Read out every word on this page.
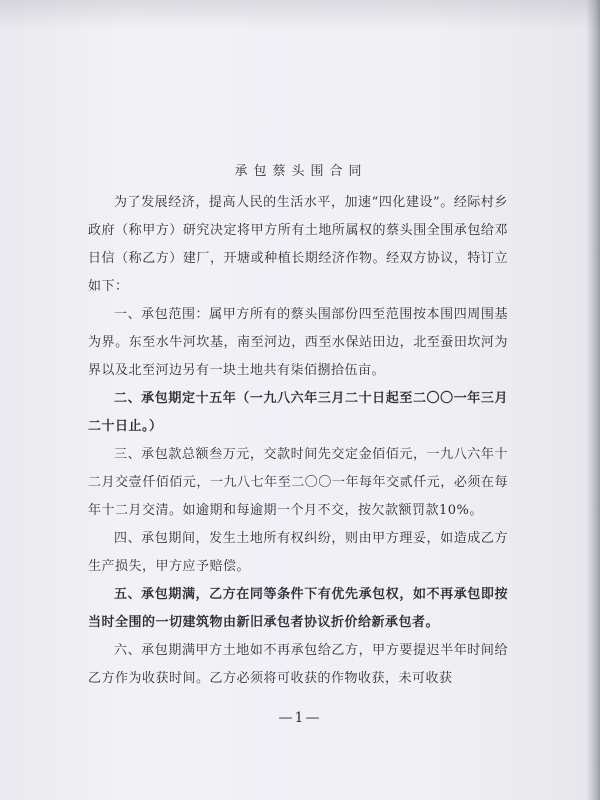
承包蔡头围合同

为了发展经济，提高人民的生活水平，加速“四化建设”。经际村乡政府（称甲方）研究决定将甲方所有土地所属权的蔡头围全围承包给邓日信（称乙方）建厂，开塘或种植长期经济作物。经双方协议，特订立如下：

一、承包范围：属甲方所有的蔡头围部份四至范围按本围四周围基为界。东至水牛河坎基，南至河边，西至水保站田边，北至蚕田坎河为界以及北至河边另有一块土地共有柒佰捌拾伍亩。

二、承包期定十五年（一九八六年三月二十日起至二〇〇一年三月二十日止。）

三、承包款总额叁万元，交款时间先交定金佰佰元，一九八六年十二月交壹仟佰佰元，一九八七年至二〇〇一年每年交贰仟元，必须在每年十二月交清。如逾期和每逾期一个月不交，按欠款额罚款10%。

四、承包期间，发生土地所有权纠纷，则由甲方理妥，如造成乙方生产损失，甲方应予赔偿。

五、承包期满，乙方在同等条件下有优先承包权，如不再承包即按当时全围的一切建筑物由新旧承包者协议折价给新承包者。

六、承包期满甲方土地如不再承包给乙方，甲方要提迟半年时间给乙方作为收获时间。乙方必须将可收获的作物收获，未可收获

—1—
